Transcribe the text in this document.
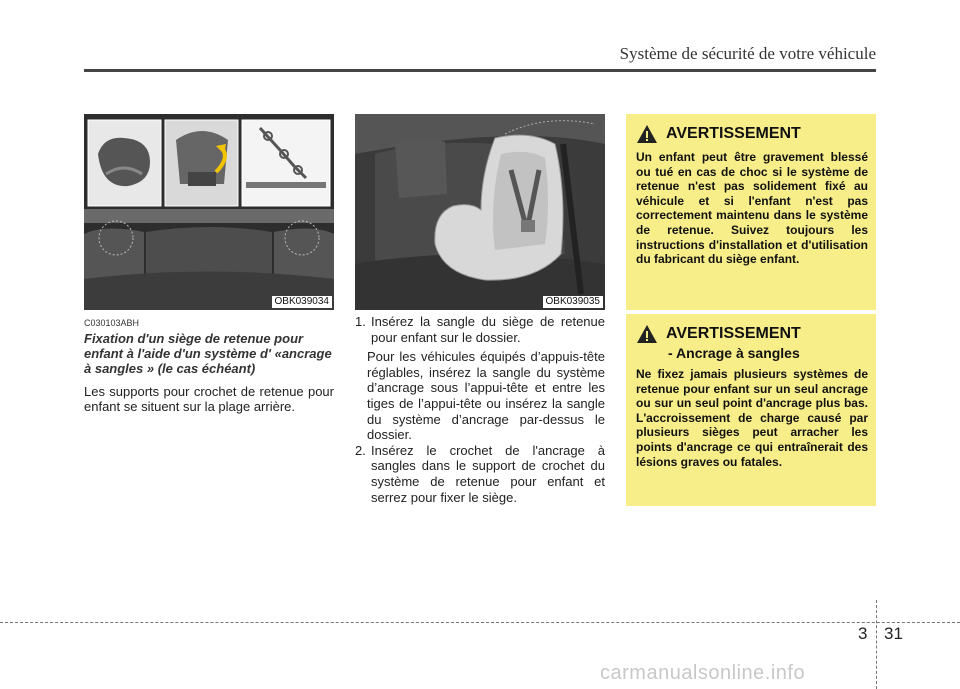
Système de sécurité de votre véhicule
OBK039034	OBK039035
C030103ABH
Fixation d'un siège de retenue pour enfant à l'aide d'un système d' «ancrage à sangles » (le cas échéant)
Les supports pour crochet de retenue pour enfant se situent sur la plage arrière.
1. Insérez la sangle du siège de retenue pour enfant sur le dossier.
Pour les véhicules équipés d’appuis-tête réglables, insérez la sangle du système d’ancrage sous l’appui-tête et entre les tiges de l’appui-tête ou insérez la sangle du système d’ancrage par-dessus le dossier.
2. Insérez le crochet de l'ancrage à sangles dans le support de crochet du système de retenue pour enfant et serrez pour fixer le siège.
AVERTISSEMENT
Un enfant peut être gravement blessé ou tué en cas de choc si le système de retenue n'est pas solidement fixé au véhicule et si l'enfant n'est pas correctement maintenu dans le système de retenue. Suivez toujours les instructions d'installation et d'utilisation du fabricant du siège enfant.
AVERTISSEMENT
- Ancrage à sangles
Ne fixez jamais plusieurs systèmes de retenue pour enfant sur un seul ancrage ou sur un seul point d'ancrage plus bas. L'accroissement de charge causé par plusieurs sièges peut arracher les points d'ancrage ce qui entraînerait des lésions graves ou fatales.
3 31
carmanualsonline.info
